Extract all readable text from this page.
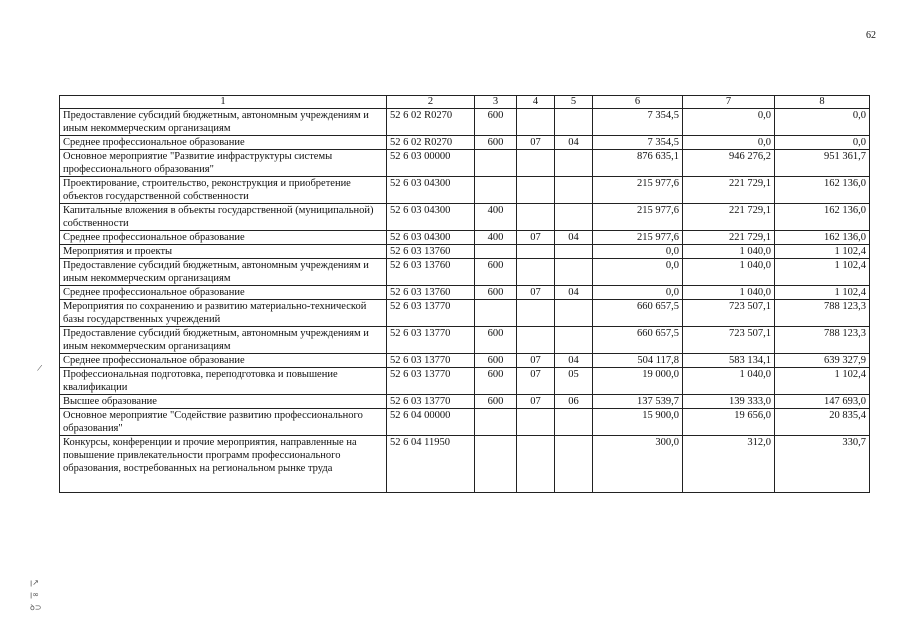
62
1	2	3	4	5	6	7	8
Предоставление субсидий бюджетным, автономным учреждениям и иным некоммерческим организациям	52 6 02 R0270	600			7 354,5	0,0	0,0
Среднее профессиональное образование	52 6 02 R0270	600	07	04	7 354,5	0,0	0,0
Основное мероприятие "Развитие инфраструктуры системы профессионального образования"	52 6 03 00000				876 635,1	946 276,2	951 361,7
Проектирование, строительство, реконструкция и приобретение объектов государственной собственности	52 6 03 04300				215 977,6	221 729,1	162 136,0
Капитальные вложения в объекты государственной (муниципальной) собственности	52 6 03 04300	400			215 977,6	221 729,1	162 136,0
Среднее профессиональное образование	52 6 03 04300	400	07	04	215 977,6	221 729,1	162 136,0
Мероприятия и проекты	52 6 03 13760				0,0	1 040,0	1 102,4
Предоставление субсидий бюджетным, автономным учреждениям и иным некоммерческим организациям	52 6 03 13760	600			0,0	1 040,0	1 102,4
Среднее профессиональное образование	52 6 03 13760	600	07	04	0,0	1 040,0	1 102,4
Мероприятия по сохранению и развитию материально-технической базы государственных учреждений	52 6 03 13770				660 657,5	723 507,1	788 123,3
Предоставление субсидий бюджетным, автономным учреждениям и иным некоммерческим организациям	52 6 03 13770	600			660 657,5	723 507,1	788 123,3
Среднее профессиональное образование	52 6 03 13770	600	07	04	504 117,8	583 134,1	639 327,9
Профессиональная подготовка, переподготовка и повышение квалификации	52 6 03 13770	600	07	05	19 000,0	1 040,0	1 102,4
Высшее образование	52 6 03 13770	600	07	06	137 539,7	139 333,0	147 693,0
Основное мероприятие "Содействие развитию профессионального образования"	52 6 04 00000				15 900,0	19 656,0	20 835,4
Конкурсы, конференции и прочие мероприятия, направленные на повышение привлекательности программ профессионального образования, востребованных на региональном рынке труда	52 6 04 11950				300,0	312,0	330,7
/
ꞁ↗
ꞁ∞
ꝺ⊃
